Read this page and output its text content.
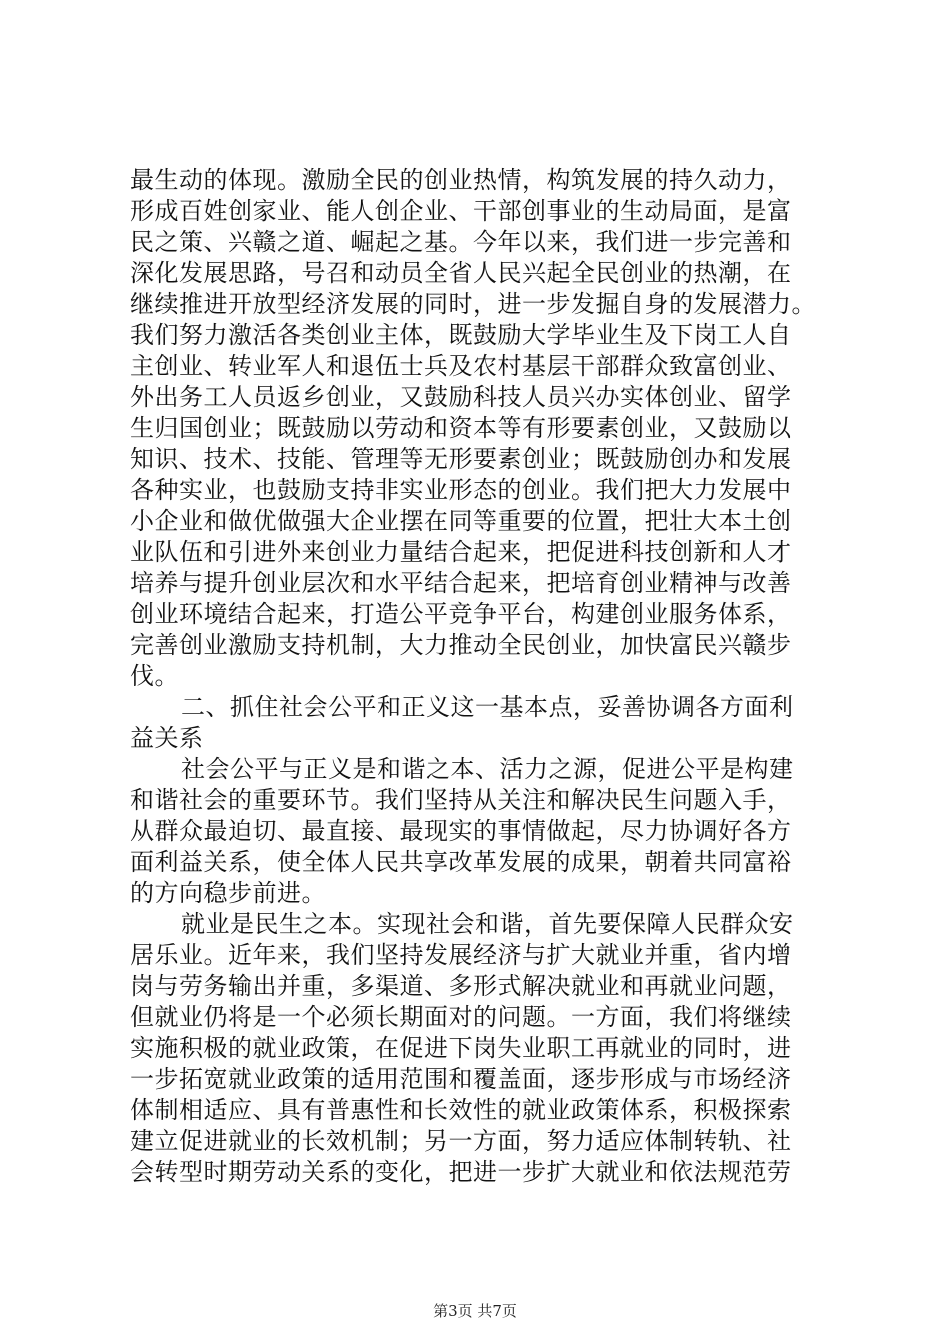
最生动的体现。激励全民的创业热情，构筑发展的持久动力，
形成百姓创家业、能人创企业、干部创事业的生动局面，是富
民之策、兴赣之道、崛起之基。今年以来，我们进一步完善和
深化发展思路，号召和动员全省人民兴起全民创业的热潮，在
继续推进开放型经济发展的同时，进一步发掘自身的发展潜力。
我们努力激活各类创业主体，既鼓励大学毕业生及下岗工人自
主创业、转业军人和退伍士兵及农村基层干部群众致富创业、
外出务工人员返乡创业，又鼓励科技人员兴办实体创业、留学
生归国创业；既鼓励以劳动和资本等有形要素创业，又鼓励以
知识、技术、技能、管理等无形要素创业；既鼓励创办和发展
各种实业，也鼓励支持非实业形态的创业。我们把大力发展中
小企业和做优做强大企业摆在同等重要的位置，把壮大本土创
业队伍和引进外来创业力量结合起来，把促进科技创新和人才
培养与提升创业层次和水平结合起来，把培育创业精神与改善
创业环境结合起来，打造公平竞争平台，构建创业服务体系，
完善创业激励支持机制，大力推动全民创业，加快富民兴赣步
伐。
二、抓住社会公平和正义这一基本点，妥善协调各方面利
益关系
社会公平与正义是和谐之本、活力之源，促进公平是构建
和谐社会的重要环节。我们坚持从关注和解决民生问题入手，
从群众最迫切、最直接、最现实的事情做起，尽力协调好各方
面利益关系，使全体人民共享改革发展的成果，朝着共同富裕
的方向稳步前进。
就业是民生之本。实现社会和谐，首先要保障人民群众安
居乐业。近年来，我们坚持发展经济与扩大就业并重，省内增
岗与劳务输出并重，多渠道、多形式解决就业和再就业问题，
但就业仍将是一个必须长期面对的问题。一方面，我们将继续
实施积极的就业政策，在促进下岗失业职工再就业的同时，进
一步拓宽就业政策的适用范围和覆盖面，逐步形成与市场经济
体制相适应、具有普惠性和长效性的就业政策体系，积极探索
建立促进就业的长效机制；另一方面，努力适应体制转轨、社
会转型时期劳动关系的变化，把进一步扩大就业和依法规范劳
第3页 共7页
